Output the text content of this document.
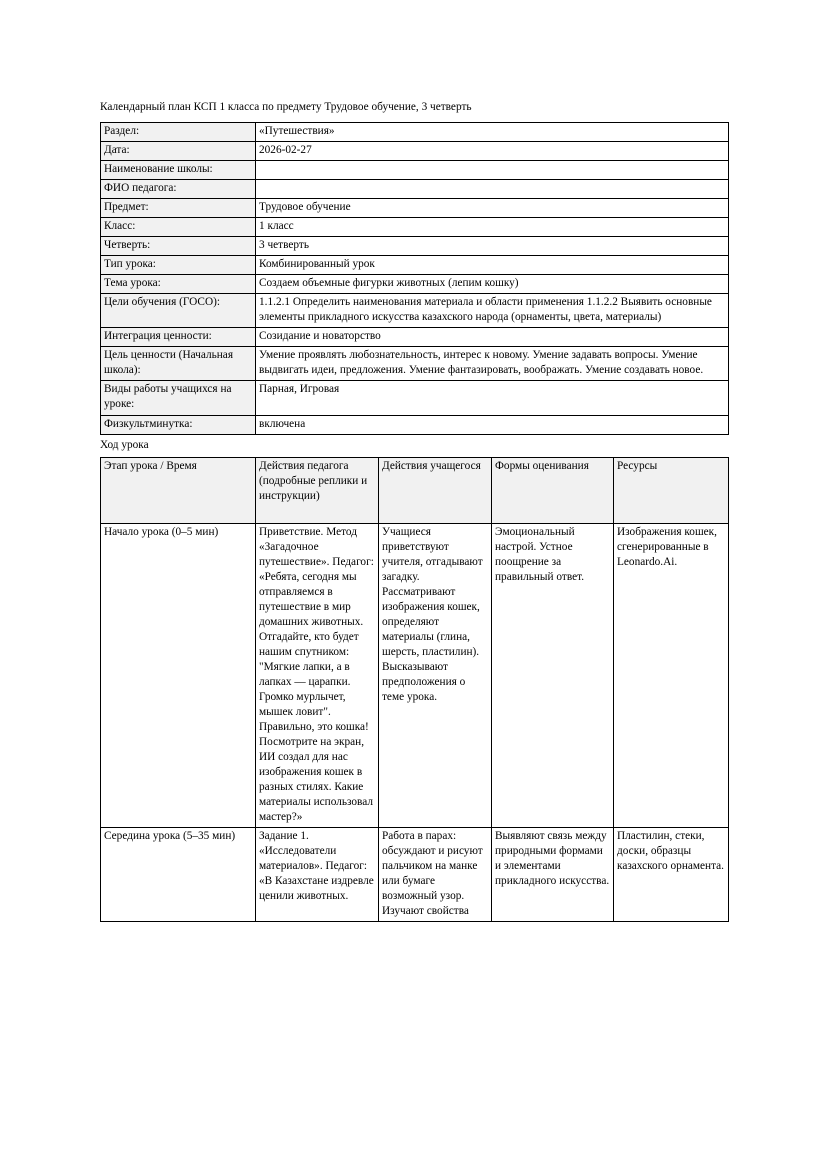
Календарный план КСП 1 класса по предмету Трудовое обучение, 3 четверть
Раздел:	«Путешествия»
Дата:	2026-02-27
Наименование школы:	
ФИО педагога:	
Предмет:	Трудовое обучение
Класс:	1 класс
Четверть:	3 четверть
Тип урока:	Комбинированный урок
Тема урока:	Создаем объемные фигурки животных (лепим кошку)
Цели обучения (ГОСО):	1.1.2.1 Определить наименования материала и области применения 1.1.2.2 Выявить основные элементы прикладного искусства казахского народа (орнаменты, цвета, материалы)
Интеграция ценности:	Созидание и новаторство
Цель ценности (Начальная школа):	Умение проявлять любознательность, интерес к новому. Умение задавать вопросы. Умение выдвигать идеи, предложения. Умение фантазировать, воображать. Умение создавать новое.
Виды работы учащихся на уроке:	Парная, Игровая
Физкультминутка:	включена
Ход урока
Этап урока / Время	Действия педагога (подробные реплики и инструкции)	Действия учащегося	Формы оценивания	Ресурсы
Начало урока (0–5 мин)	Приветствие. Метод «Загадочное путешествие». Педагог: «Ребята, сегодня мы отправляемся в путешествие в мир домашних животных. Отгадайте, кто будет нашим спутником: "Мягкие лапки, а в лапках — царапки. Громко мурлычет, мышек ловит". Правильно, это кошка! Посмотрите на экран, ИИ создал для нас изображения кошек в разных стилях. Какие материалы использовал мастер?»	Учащиеся приветствуют учителя, отгадывают загадку. Рассматривают изображения кошек, определяют материалы (глина, шерсть, пластилин). Высказывают предположения о теме урока.	Эмоциональный настрой. Устное поощрение за правильный ответ.	Изображения кошек, сгенерированные в Leonardo.Ai.
Середина урока (5–35 мин)	Задание 1. «Исследователи материалов». Педагог: «В Казахстане издревле ценили животных.	Работа в парах: обсуждают и рисуют пальчиком на манке или бумаге возможный узор. Изучают свойства	Выявляют связь между природными формами и элементами прикладного искусства.	Пластилин, стеки, доски, образцы казахского орнамента.
